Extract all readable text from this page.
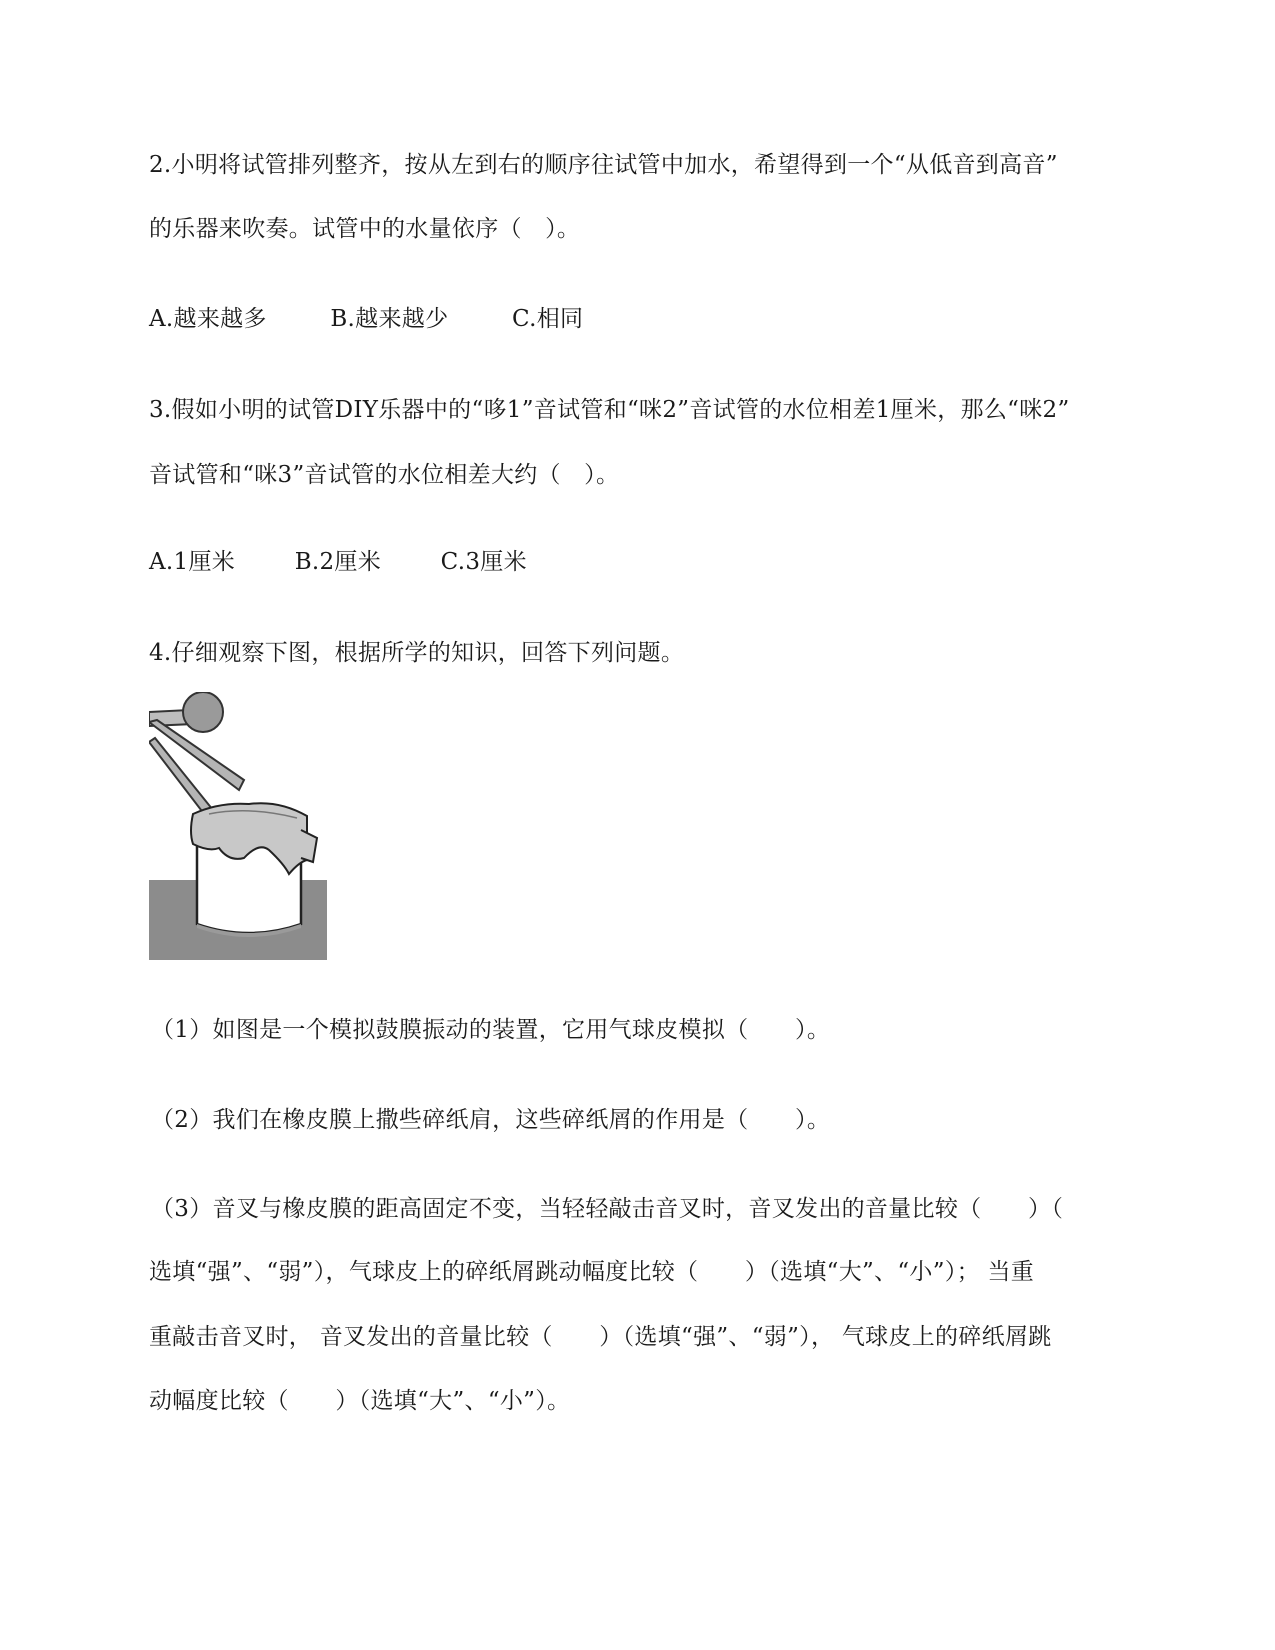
2.小明将试管排列整齐，按从左到右的顺序往试管中加水，希望得到一个“从低音到高音”
的乐器来吹奏。试管中的水量依序（　）。
A.越来越多	B.越来越少	C.相同
3.假如小明的试管DIY乐器中的“哆1”音试管和“咪2”音试管的水位相差1厘米，那么“咪2”
音试管和“咪3”音试管的水位相差大约（　）。
A.1厘米	B.2厘米	C.3厘米
4.仔细观察下图，根据所学的知识，回答下列问题。
（1）如图是一个模拟鼓膜振动的装置，它用气球皮模拟（　　）。
（2）我们在橡皮膜上撒些碎纸肩，这些碎纸屑的作用是（　　）。
（3）音叉与橡皮膜的距高固定不变，当轻轻敲击音叉时，音叉发出的音量比较（　　）（
选填“强”、“弱”），气球皮上的碎纸屑跳动幅度比较（　　）（选填“大”、“小”）； 当重
重敲击音叉时， 音叉发出的音量比较（　　）（选填“强”、“弱”）， 气球皮上的碎纸屑跳
动幅度比较（　　）（选填“大”、“小”）。
